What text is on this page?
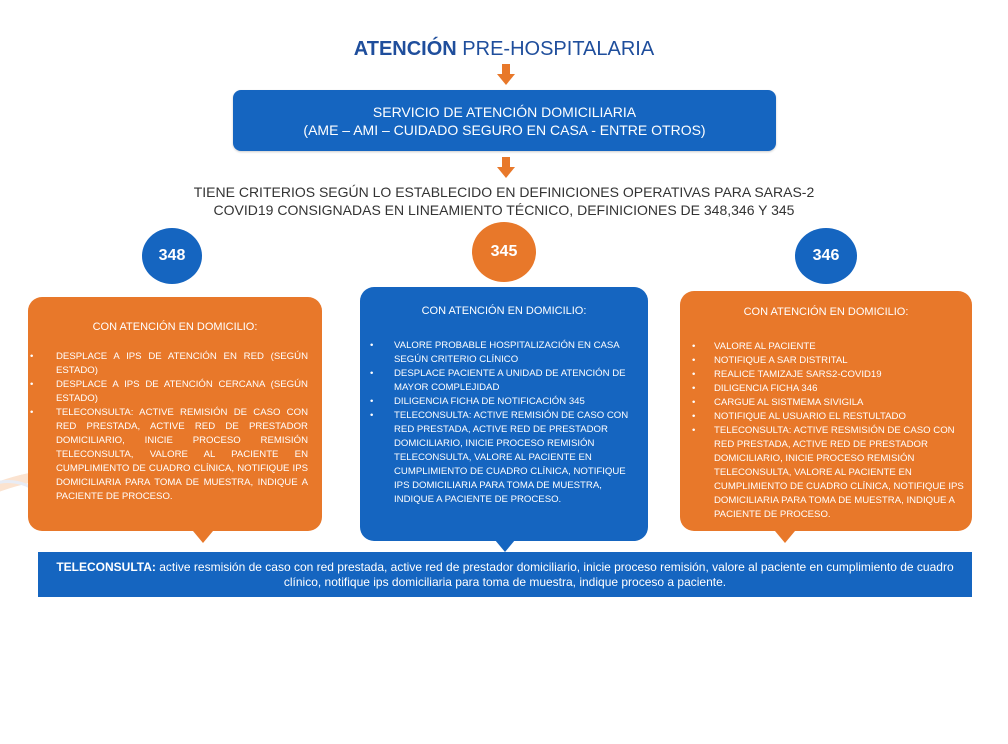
ATENCIÓN PRE-HOSPITALARIA
SERVICIO DE ATENCIÓN DOMICILIARIA
(AME – AMI – CUIDADO SEGURO EN CASA - ENTRE OTROS)
TIENE CRITERIOS SEGÚN LO ESTABLECIDO EN DEFINICIONES OPERATIVAS PARA SARAS-2
COVID19 CONSIGNADAS EN LINEAMIENTO TÉCNICO, DEFINICIONES DE 348,346 Y 345
348	345	346
CON ATENCIÓN EN DOMICILIO:
• DESPLACE A IPS DE ATENCIÓN EN RED (SEGÚN ESTADO)
• DESPLACE A IPS DE ATENCIÓN CERCANA (SEGÚN ESTADO)
• TELECONSULTA: ACTIVE REMISIÓN DE CASO CON RED PRESTADA, ACTIVE RED DE PRESTADOR DOMICILIARIO, INICIE PROCESO REMISIÓN TELECONSULTA, VALORE AL PACIENTE EN CUMPLIMIENTO DE CUADRO CLÍNICA, NOTIFIQUE IPS DOMICILIARIA PARA TOMA DE MUESTRA, INDIQUE A PACIENTE DE PROCESO.
CON ATENCIÓN EN DOMICILIO:
• VALORE PROBABLE HOSPITALIZACIÓN EN CASA SEGÚN CRITERIO CLÍNICO
• DESPLACE PACIENTE A UNIDAD DE ATENCIÓN DE MAYOR COMPLEJIDAD
• DILIGENCIA FICHA DE NOTIFICACIÓN 345
• TELECONSULTA: ACTIVE REMISIÓN DE CASO CON RED PRESTADA, ACTIVE RED DE PRESTADOR DOMICILIARIO, INICIE PROCESO REMISIÓN TELECONSULTA, VALORE AL PACIENTE EN CUMPLIMIENTO DE CUADRO CLÍNICA, NOTIFIQUE IPS DOMICILIARIA PARA TOMA DE MUESTRA, INDIQUE A PACIENTE DE PROCESO.
CON ATENCIÓN EN DOMICILIO:
• VALORE AL PACIENTE
• NOTIFIQUE A SAR DISTRITAL
• REALICE TAMIZAJE SARS2-COVID19
• DILIGENCIA FICHA 346
• CARGUE AL SISTMEMA SIVIGILA
• NOTIFIQUE AL USUARIO EL RESTULTADO
• TELECONSULTA: ACTIVE RESMISIÓN DE CASO CON RED PRESTADA, ACTIVE RED DE PRESTADOR DOMICILIARIO, INICIE PROCESO REMISIÓN TELECONSULTA, VALORE AL PACIENTE EN CUMPLIMIENTO DE CUADRO CLÍNICA, NOTIFIQUE IPS DOMICILIARIA PARA TOMA DE MUESTRA, INDIQUE A PACIENTE DE PROCESO.
TELECONSULTA: active resmisión de caso con red prestada, active red de prestador domiciliario, inicie proceso remisión, valore al paciente en cumplimiento de cuadro clínico, notifique ips domiciliaria para toma de muestra, indique proceso a paciente.
